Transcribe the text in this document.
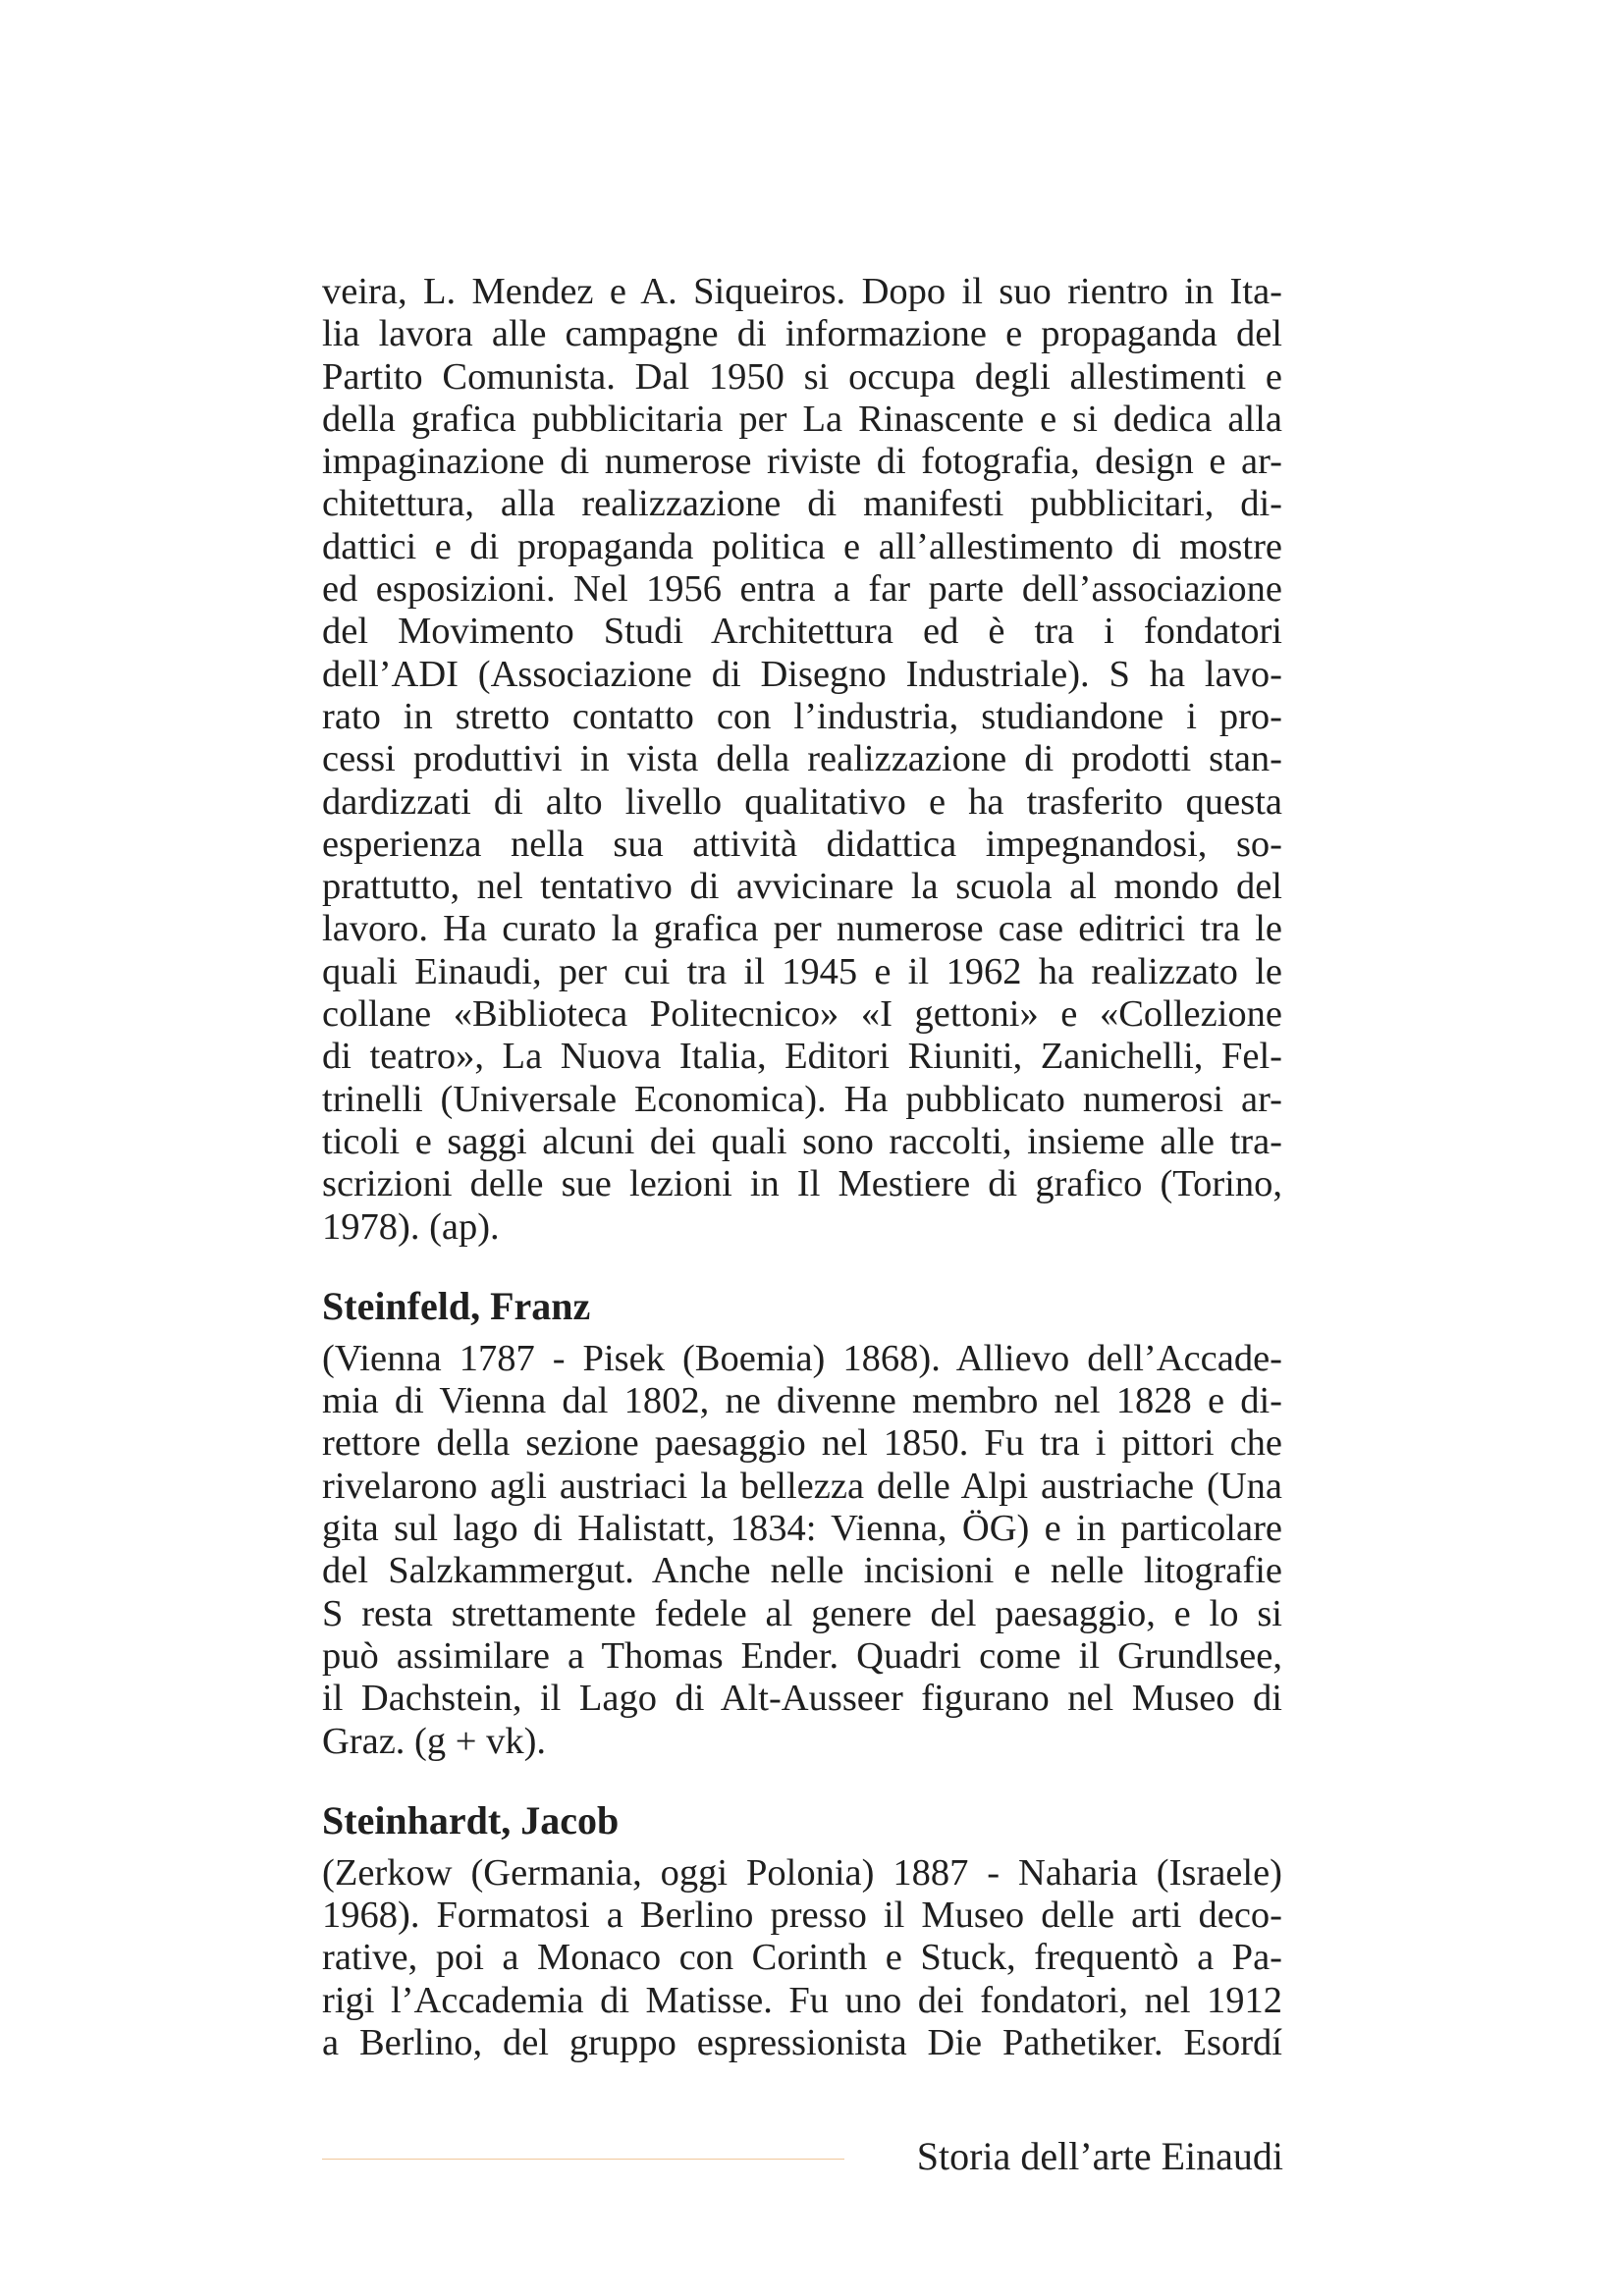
veira, L. Mendez e A. Siqueiros. Dopo il suo rientro in Ita-
lia lavora alle campagne di informazione e propaganda del
Partito Comunista. Dal 1950 si occupa degli allestimenti e
della grafica pubblicitaria per La Rinascente e si dedica alla
impaginazione di numerose riviste di fotografia, design e ar-
chitettura, alla realizzazione di manifesti pubblicitari, di-
dattici e di propaganda politica e all’allestimento di mostre
ed esposizioni. Nel 1956 entra a far parte dell’associazione
del Movimento Studi Architettura ed è tra i fondatori
dell’ADI (Associazione di Disegno Industriale). S ha lavo-
rato in stretto contatto con l’industria, studiandone i pro-
cessi produttivi in vista della realizzazione di prodotti stan-
dardizzati di alto livello qualitativo e ha trasferito questa
esperienza nella sua attività didattica impegnandosi, so-
prattutto, nel tentativo di avvicinare la scuola al mondo del
lavoro. Ha curato la grafica per numerose case editrici tra le
quali Einaudi, per cui tra il 1945 e il 1962 ha realizzato le
collane «Biblioteca Politecnico» «I gettoni» e «Collezione
di teatro», La Nuova Italia, Editori Riuniti, Zanichelli, Fel-
trinelli (Universale Economica). Ha pubblicato numerosi ar-
ticoli e saggi alcuni dei quali sono raccolti, insieme alle tra-
scrizioni delle sue lezioni in Il Mestiere di grafico (Torino,
1978). (ap).
Steinfeld, Franz
(Vienna 1787 - Pisek (Boemia) 1868). Allievo dell’Accade-
mia di Vienna dal 1802, ne divenne membro nel 1828 e di-
rettore della sezione paesaggio nel 1850. Fu tra i pittori che
rivelarono agli austriaci la bellezza delle Alpi austriache (Una
gita sul lago di Halistatt, 1834: Vienna, ÖG) e in particolare
del Salzkammergut. Anche nelle incisioni e nelle litografie
S resta strettamente fedele al genere del paesaggio, e lo si
può assimilare a Thomas Ender. Quadri come il Grundlsee,
il Dachstein, il Lago di Alt-Ausseer figurano nel Museo di
Graz. (g + vk).
Steinhardt, Jacob
(Zerkow (Germania, oggi Polonia) 1887 - Naharia (Israele)
1968). Formatosi a Berlino presso il Museo delle arti deco-
rative, poi a Monaco con Corinth e Stuck, frequentò a Pa-
rigi l’Accademia di Matisse. Fu uno dei fondatori, nel 1912
a Berlino, del gruppo espressionista Die Pathetiker. Esordí
Storia dell’arte Einaudi
